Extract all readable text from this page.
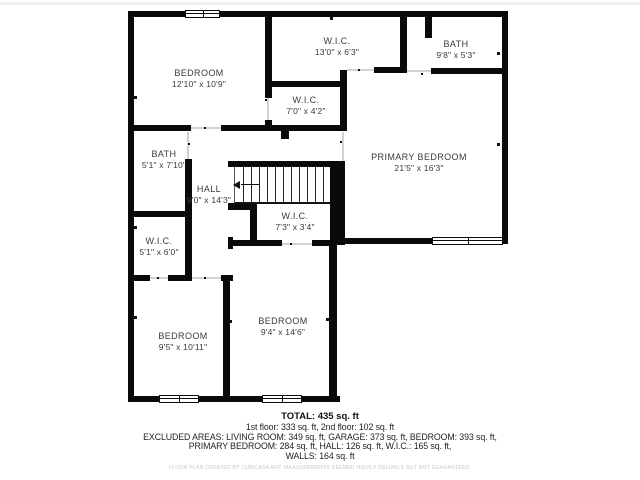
BEDROOM
12'10" x 10'9"
W.I.C.
13'0" x 6'3"
BATH
9'8" x 5'3"
W.I.C.
7'0" x 4'2"
PRIMARY BEDROOM
21'5" x 16'3"
BATH
5'1" x 7'10"
HALL
9'0" x 14'3"
W.I.C.
7'3" x 3'4"
W.I.C.
5'1" x 6'0"
BEDROOM
9'5" x 10'11"
BEDROOM
9'4" x 14'6"
TOTAL: 435 sq. ft
1st floor: 333 sq. ft, 2nd floor: 102 sq. ft
EXCLUDED AREAS: LIVING ROOM: 349 sq. ft, GARAGE: 373 sq. ft, BEDROOM: 393 sq. ft,
PRIMARY BEDROOM: 284 sq. ft, HALL: 126 sq. ft, W.I.C.: 165 sq. ft,
WALLS: 164 sq. ft
FLOOR PLAN CREATED BY CUBICASA APP. MEASUREMENTS DEEMED HIGHLY RELIABLE BUT NOT GUARANTEED.
